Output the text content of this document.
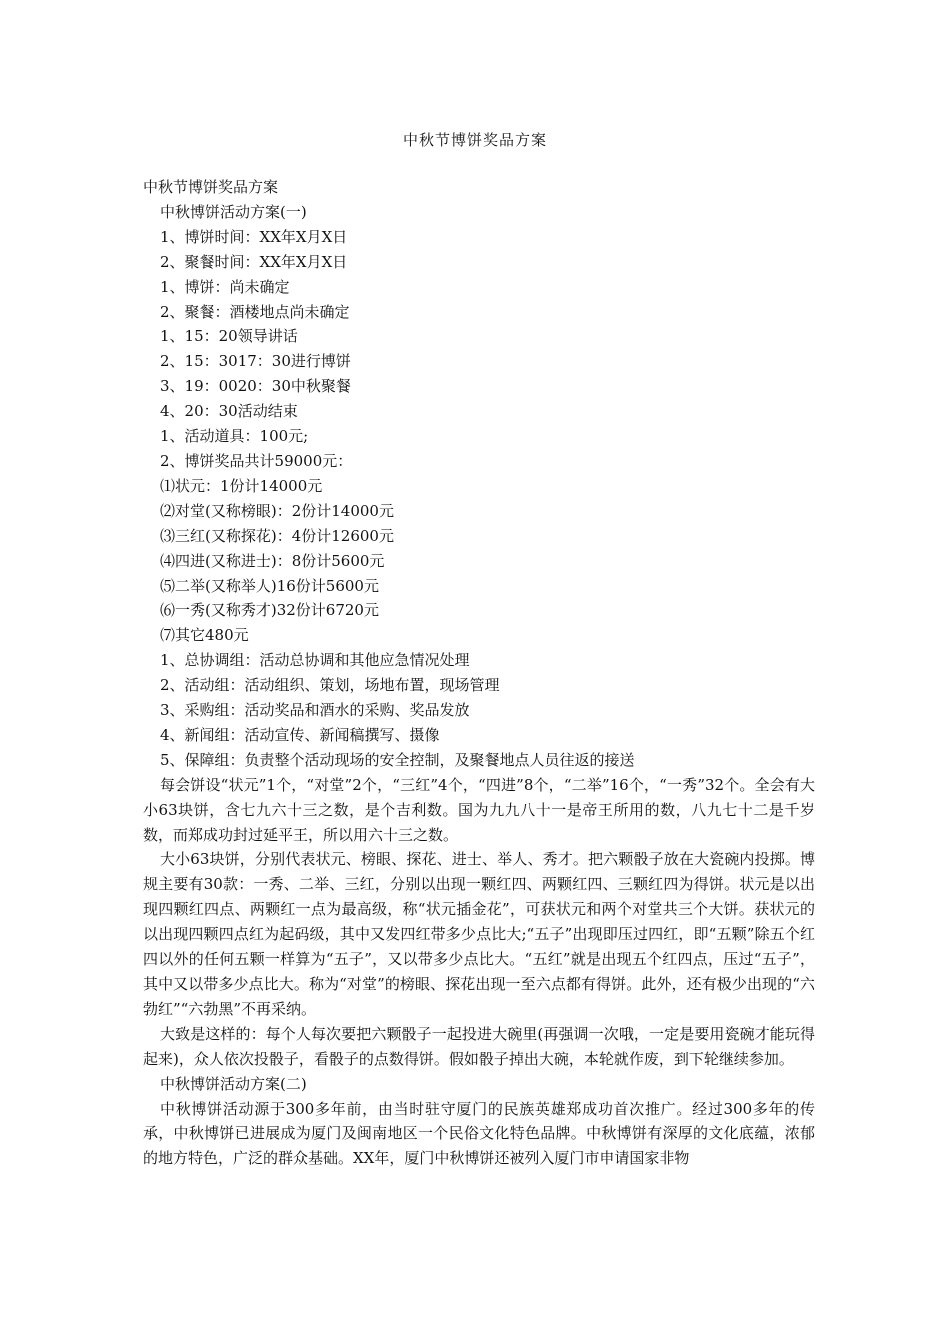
中秋节博饼奖品方案

中秋节博饼奖品方案

中秋博饼活动方案(一)

1、博饼时间：XX年X月X日

2、聚餐时间：XX年X月X日

1、博饼：尚未确定

2、聚餐：酒楼地点尚未确定

1、15：20领导讲话

2、15：3017：30进行博饼

3、19：0020：30中秋聚餐

4、20：30活动结束

1、活动道具：100元;

2、博饼奖品共计59000元：

⑴状元：1份计14000元

⑵对堂(又称榜眼)：2份计14000元

⑶三红(又称探花)：4份计12600元

⑷四进(又称进士)：8份计5600元

⑸二举(又称举人)16份计5600元

⑹一秀(又称秀才)32份计6720元

⑺其它480元

1、总协调组：活动总协调和其他应急情况处理

2、活动组：活动组织、策划，场地布置，现场管理

3、采购组：活动奖品和酒水的采购、奖品发放

4、新闻组：活动宣传、新闻稿撰写、摄像

5、保障组：负责整个活动现场的安全控制，及聚餐地点人员往返的接送

每会饼设“状元”1个，“对堂”2个，“三红”4个，“四进”8个，“二举”16个，“一秀”32个。全会有大小63块饼，含七九六十三之数，是个吉利数。国为九九八十一是帝王所用的数，八九七十二是千岁数，而郑成功封过延平王，所以用六十三之数。

大小63块饼，分别代表状元、榜眼、探花、进士、举人、秀才。把六颗骰子放在大瓷碗内投掷。博规主要有30款：一秀、二举、三红，分别以出现一颗红四、两颗红四、三颗红四为得饼。状元是以出现四颗红四点、两颗红一点为最高级，称“状元插金花”，可获状元和两个对堂共三个大饼。获状元的以出现四颗四点红为起码级，其中又发四红带多少点比大;“五子”出现即压过四红，即“五颗”除五个红四以外的任何五颗一样算为“五子”，又以带多少点比大。“五红”就是出现五个红四点，压过“五子”，其中又以带多少点比大。称为“对堂”的榜眼、探花出现一至六点都有得饼。此外，还有极少出现的“六勃红”“六勃黑”不再采纳。

大致是这样的：每个人每次要把六颗骰子一起投进大碗里(再强调一次哦，一定是要用瓷碗才能玩得起来)，众人依次投骰子，看骰子的点数得饼。假如骰子掉出大碗，本轮就作废，到下轮继续参加。

中秋博饼活动方案(二)

中秋博饼活动源于300多年前，由当时驻守厦门的民族英雄郑成功首次推广。经过300多年的传承，中秋博饼已进展成为厦门及闽南地区一个民俗文化特色品牌。中秋博饼有深厚的文化底蕴，浓郁的地方特色，广泛的群众基础。XX年，厦门中秋博饼还被列入厦门市申请国家非物
